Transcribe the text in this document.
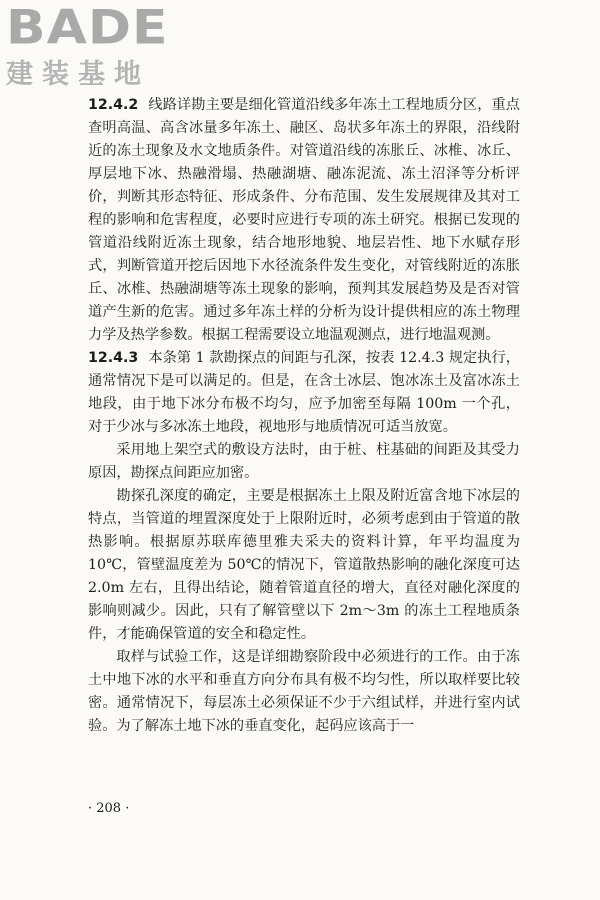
BADE
建装基地

12.4.2 线路详勘主要是细化管道沿线多年冻土工程地质分区，重点查明高温、高含冰量多年冻土、融区、岛状多年冻土的界限，沿线附近的冻土现象及水文地质条件。对管道沿线的冻胀丘、冰椎、冰丘、厚层地下冰、热融滑塌、热融湖塘、融冻泥流、冻土沼泽等分析评价，判断其形态特征、形成条件、分布范围、发生发展规律及其对工程的影响和危害程度，必要时应进行专项的冻土研究。根据已发现的管道沿线附近冻土现象，结合地形地貌、地层岩性、地下水赋存形式，判断管道开挖后因地下水径流条件发生变化，对管线附近的冻胀丘、冰椎、热融湖塘等冻土现象的影响，预判其发展趋势及是否对管道产生新的危害。通过多年冻土样的分析为设计提供相应的冻土物理力学及热学参数。根据工程需要设立地温观测点，进行地温观测。

12.4.3 本条第 1 款勘探点的间距与孔深，按表 12.4.3 规定执行，通常情况下是可以满足的。但是，在含土冰层、饱冰冻土及富冰冻土地段，由于地下冰分布极不均匀，应予加密至每隔 100m 一个孔，对于少冰与多冰冻土地段，视地形与地质情况可适当放宽。

采用地上架空式的敷设方法时，由于桩、柱基础的间距及其受力原因，勘探点间距应加密。

勘探孔深度的确定，主要是根据冻土上限及附近富含地下冰层的特点，当管道的埋置深度处于上限附近时，必须考虑到由于管道的散热影响。根据原苏联库德里雅夫采夫的资料计算，年平均温度为 10℃，管壁温度差为 50℃的情况下，管道散热影响的融化深度可达 2.0m 左右，且得出结论，随着管道直径的增大，直径对融化深度的影响则减少。因此，只有了解管壁以下 2m～3m 的冻土工程地质条件，才能确保管道的安全和稳定性。

取样与试验工作，这是详细勘察阶段中必须进行的工作。由于冻土中地下冰的水平和垂直方向分布具有极不均匀性，所以取样要比较密。通常情况下，每层冻土必须保证不少于六组试样，并进行室内试验。为了解冻土地下冰的垂直变化，起码应该高于一

· 208 ·
